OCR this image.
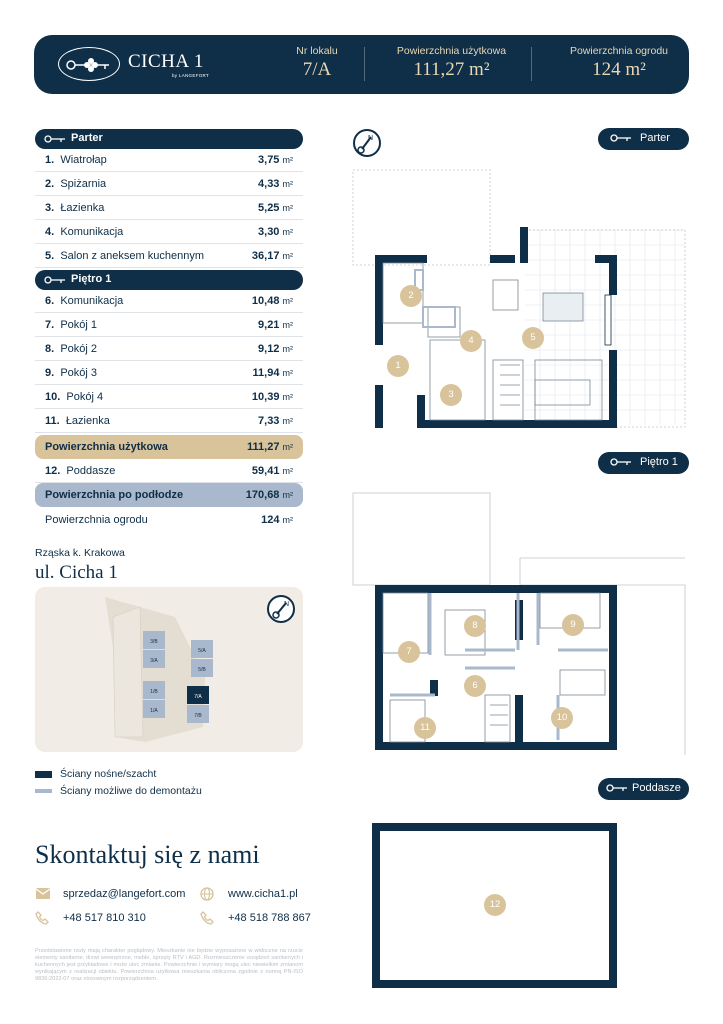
CICHA 1
by LANGEFORT
Nr lokalu
7/A
Powierzchnia użytkowa
111,27 m²
Powierzchnia ogrodu
124 m²
Parter
1. Wiatrołap	3,75 m²
2. Spiżarnia	4,33 m²
3. Łazienka	5,25 m²
4. Komunikacja	3,30 m²
5. Salon z aneksem kuchennym	36,17 m²
Piętro 1
6. Komunikacja	10,48 m²
7. Pokój 1	9,21 m²
8. Pokój 2	9,12 m²
9. Pokój 3	11,94 m²
10. Pokój 4	10,39 m²
11. Łazienka	7,33 m²
Powierzchnia użytkowa	111,27 m²
12. Poddasze	59,41 m²
Powierzchnia po podłodze	170,68 m²
Powierzchnia ogrodu	124 m²
Rząska k. Krakowa
ul. Cicha 1
3/B
3/A
5/A
5/B
1/B
1/A
7/A
7/B
N
Ściany nośne/szacht
Ściany możliwe do demontażu
Skontaktuj się z nami
sprzedaz@langefort.com	www.cicha1.pl
+48 517 810 310	+48 518 788 867
Przedstawione rzuty mają charakter poglądowy. Mieszkanie nie będzie wyposażone w widoczne na rzucie elementy sanitarne, drzwi wewnętrzne, meble, sprzęty RTV i AGD. Rozmieszczenie urządzeń sanitarnych i kuchennych jest przykładowe i może ulec zmianie. Powierzchnie i wymiary mogą ulec niewielkim zmianom wynikającym z realizacji obiektu. Powierzchnia użytkowa mieszkania obliczona zgodnie z normą PN-ISO 9836:2022-07 oraz stosownym rozporządzeniem.
Parter
Piętro 1
Poddasze
N
1
2
3
4	5
6
7
8	9
10
11
12
